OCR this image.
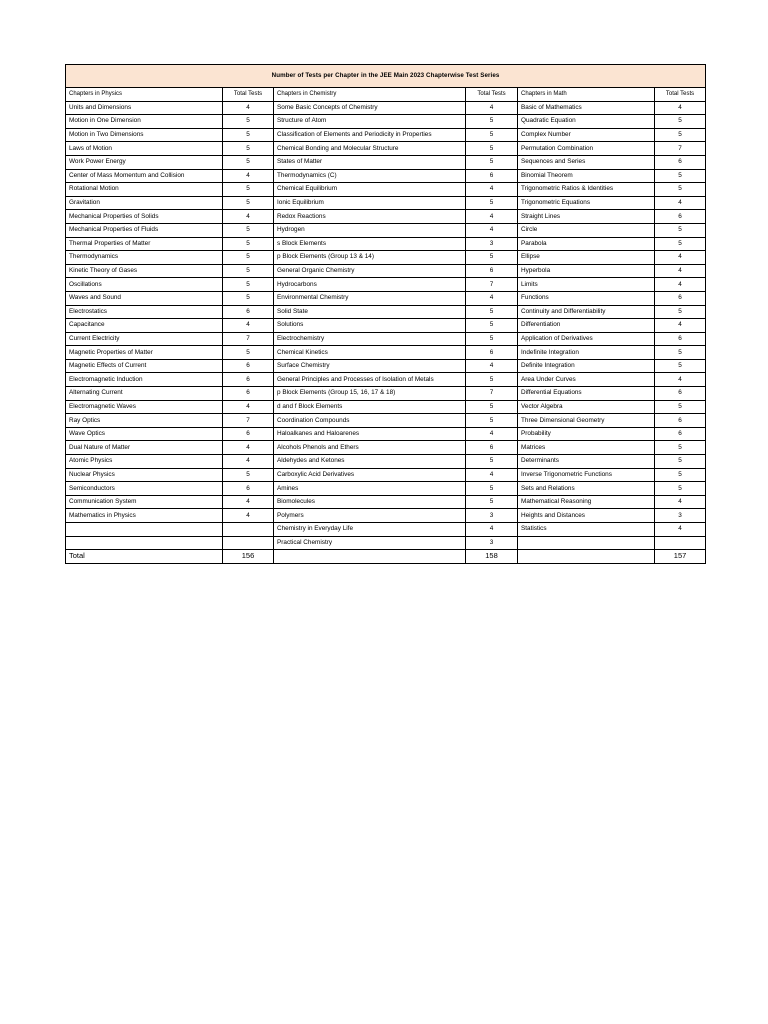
Number of Tests per Chapter in the JEE Main 2023 Chapterwise Test Series					
Chapters in Physics	Total Tests	Chapters in Chemistry	Total Tests	Chapters in Math	Total Tests
Units and Dimensions	4	Some Basic Concepts of Chemistry	4	Basic of Mathematics	4
Motion in One Dimension	5	Structure of Atom	5	Quadratic Equation	5
Motion in Two Dimensions	5	Classification of Elements and Periodicity in Properties	5	Complex Number	5
Laws of Motion	5	Chemical Bonding and Molecular Structure	5	Permutation Combination	7
Work Power Energy	5	States of Matter	5	Sequences and Series	6
Center of Mass Momentum and Collision	4	Thermodynamics (C)	6	Binomial Theorem	5
Rotational Motion	5	Chemical Equilibrium	4	Trigonometric Ratios & Identities	5
Gravitation	5	Ionic Equilibrium	5	Trigonometric Equations	4
Mechanical Properties of Solids	4	Redox Reactions	4	Straight Lines	6
Mechanical Properties of Fluids	5	Hydrogen	4	Circle	5
Thermal Properties of Matter	5	s Block Elements	3	Parabola	5
Thermodynamics	5	p Block Elements (Group 13 & 14)	5	Ellipse	4
Kinetic Theory of Gases	5	General Organic Chemistry	6	Hyperbola	4
Oscillations	5	Hydrocarbons	7	Limits	4
Waves and Sound	5	Environmental Chemistry	4	Functions	6
Electrostatics	6	Solid State	5	Continuity and Differentiability	5
Capacitance	4	Solutions	5	Differentiation	4
Current Electricity	7	Electrochemistry	5	Application of Derivatives	6
Magnetic Properties of Matter	5	Chemical Kinetics	6	Indefinite Integration	5
Magnetic Effects of Current	6	Surface Chemistry	4	Definite Integration	5
Electromagnetic Induction	6	General Principles and Processes of Isolation of Metals	5	Area Under Curves	4
Alternating Current	6	p Block Elements (Group 15, 16, 17 & 18)	7	Differential Equations	6
Electromagnetic Waves	4	d and f Block Elements	5	Vector Algebra	5
Ray Optics	7	Coordination Compounds	5	Three Dimensional Geometry	6
Wave Optics	6	Haloalkanes and Haloarenes	4	Probability	6
Dual Nature of Matter	4	Alcohols Phenols and Ethers	6	Matrices	5
Atomic Physics	4	Aldehydes and Ketones	5	Determinants	5
Nuclear Physics	5	Carboxylic Acid Derivatives	4	Inverse Trigonometric Functions	5
Semiconductors	6	Amines	5	Sets and Relations	5
Communication System	4	Biomolecules	5	Mathematical Reasoning	4
Mathematics in Physics	4	Polymers	3	Heights and Distances	3
		Chemistry in Everyday Life	4	Statistics	4
		Practical Chemistry	3		
Total	156		158		157
